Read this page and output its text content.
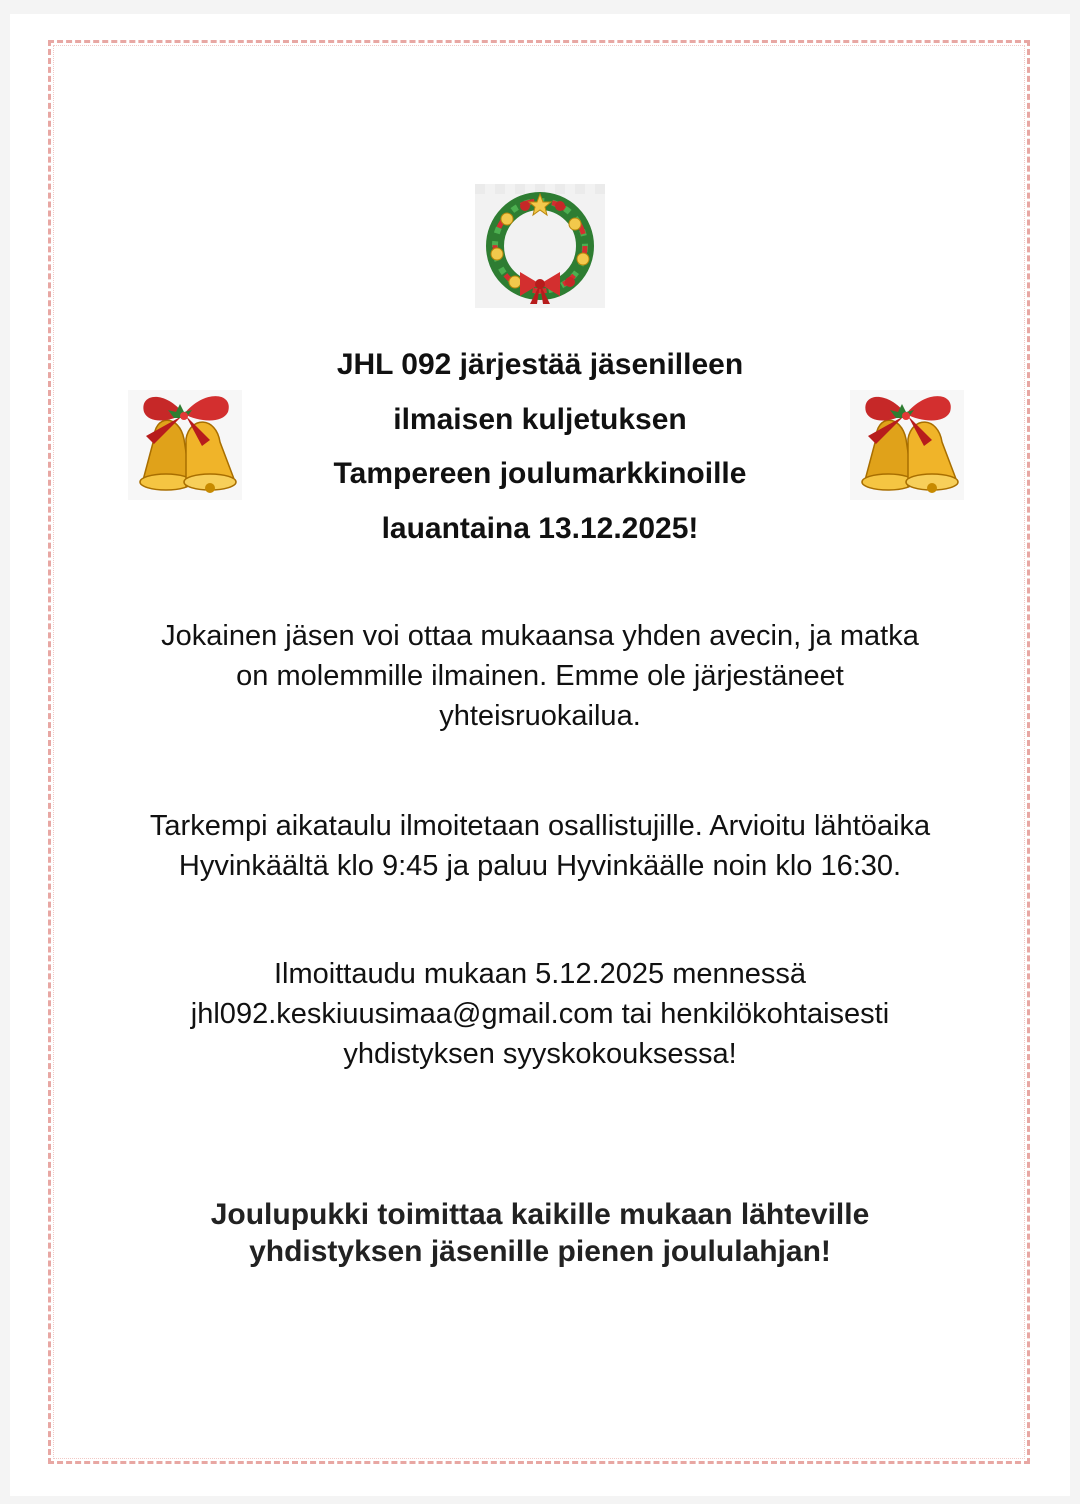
JHL 092 järjestää jäsenilleen
ilmaisen kuljetuksen
Tampereen joulumarkkinoille
lauantaina 13.12.2025!
Jokainen jäsen voi ottaa mukaansa yhden avecin, ja matka
on molemmille ilmainen. Emme ole järjestäneet
yhteisruokailua.
Tarkempi aikataulu ilmoitetaan osallistujille. Arvioitu lähtöaika
Hyvinkäältä klo 9:45 ja paluu Hyvinkäälle noin klo 16:30.
Ilmoittaudu mukaan 5.12.2025 mennessä
jhl092.keskiuusimaa@gmail.com tai henkilökohtaisesti
yhdistyksen syyskokouksessa!
Joulupukki toimittaa kaikille mukaan lähteville
yhdistyksen jäsenille pienen joululahjan!
